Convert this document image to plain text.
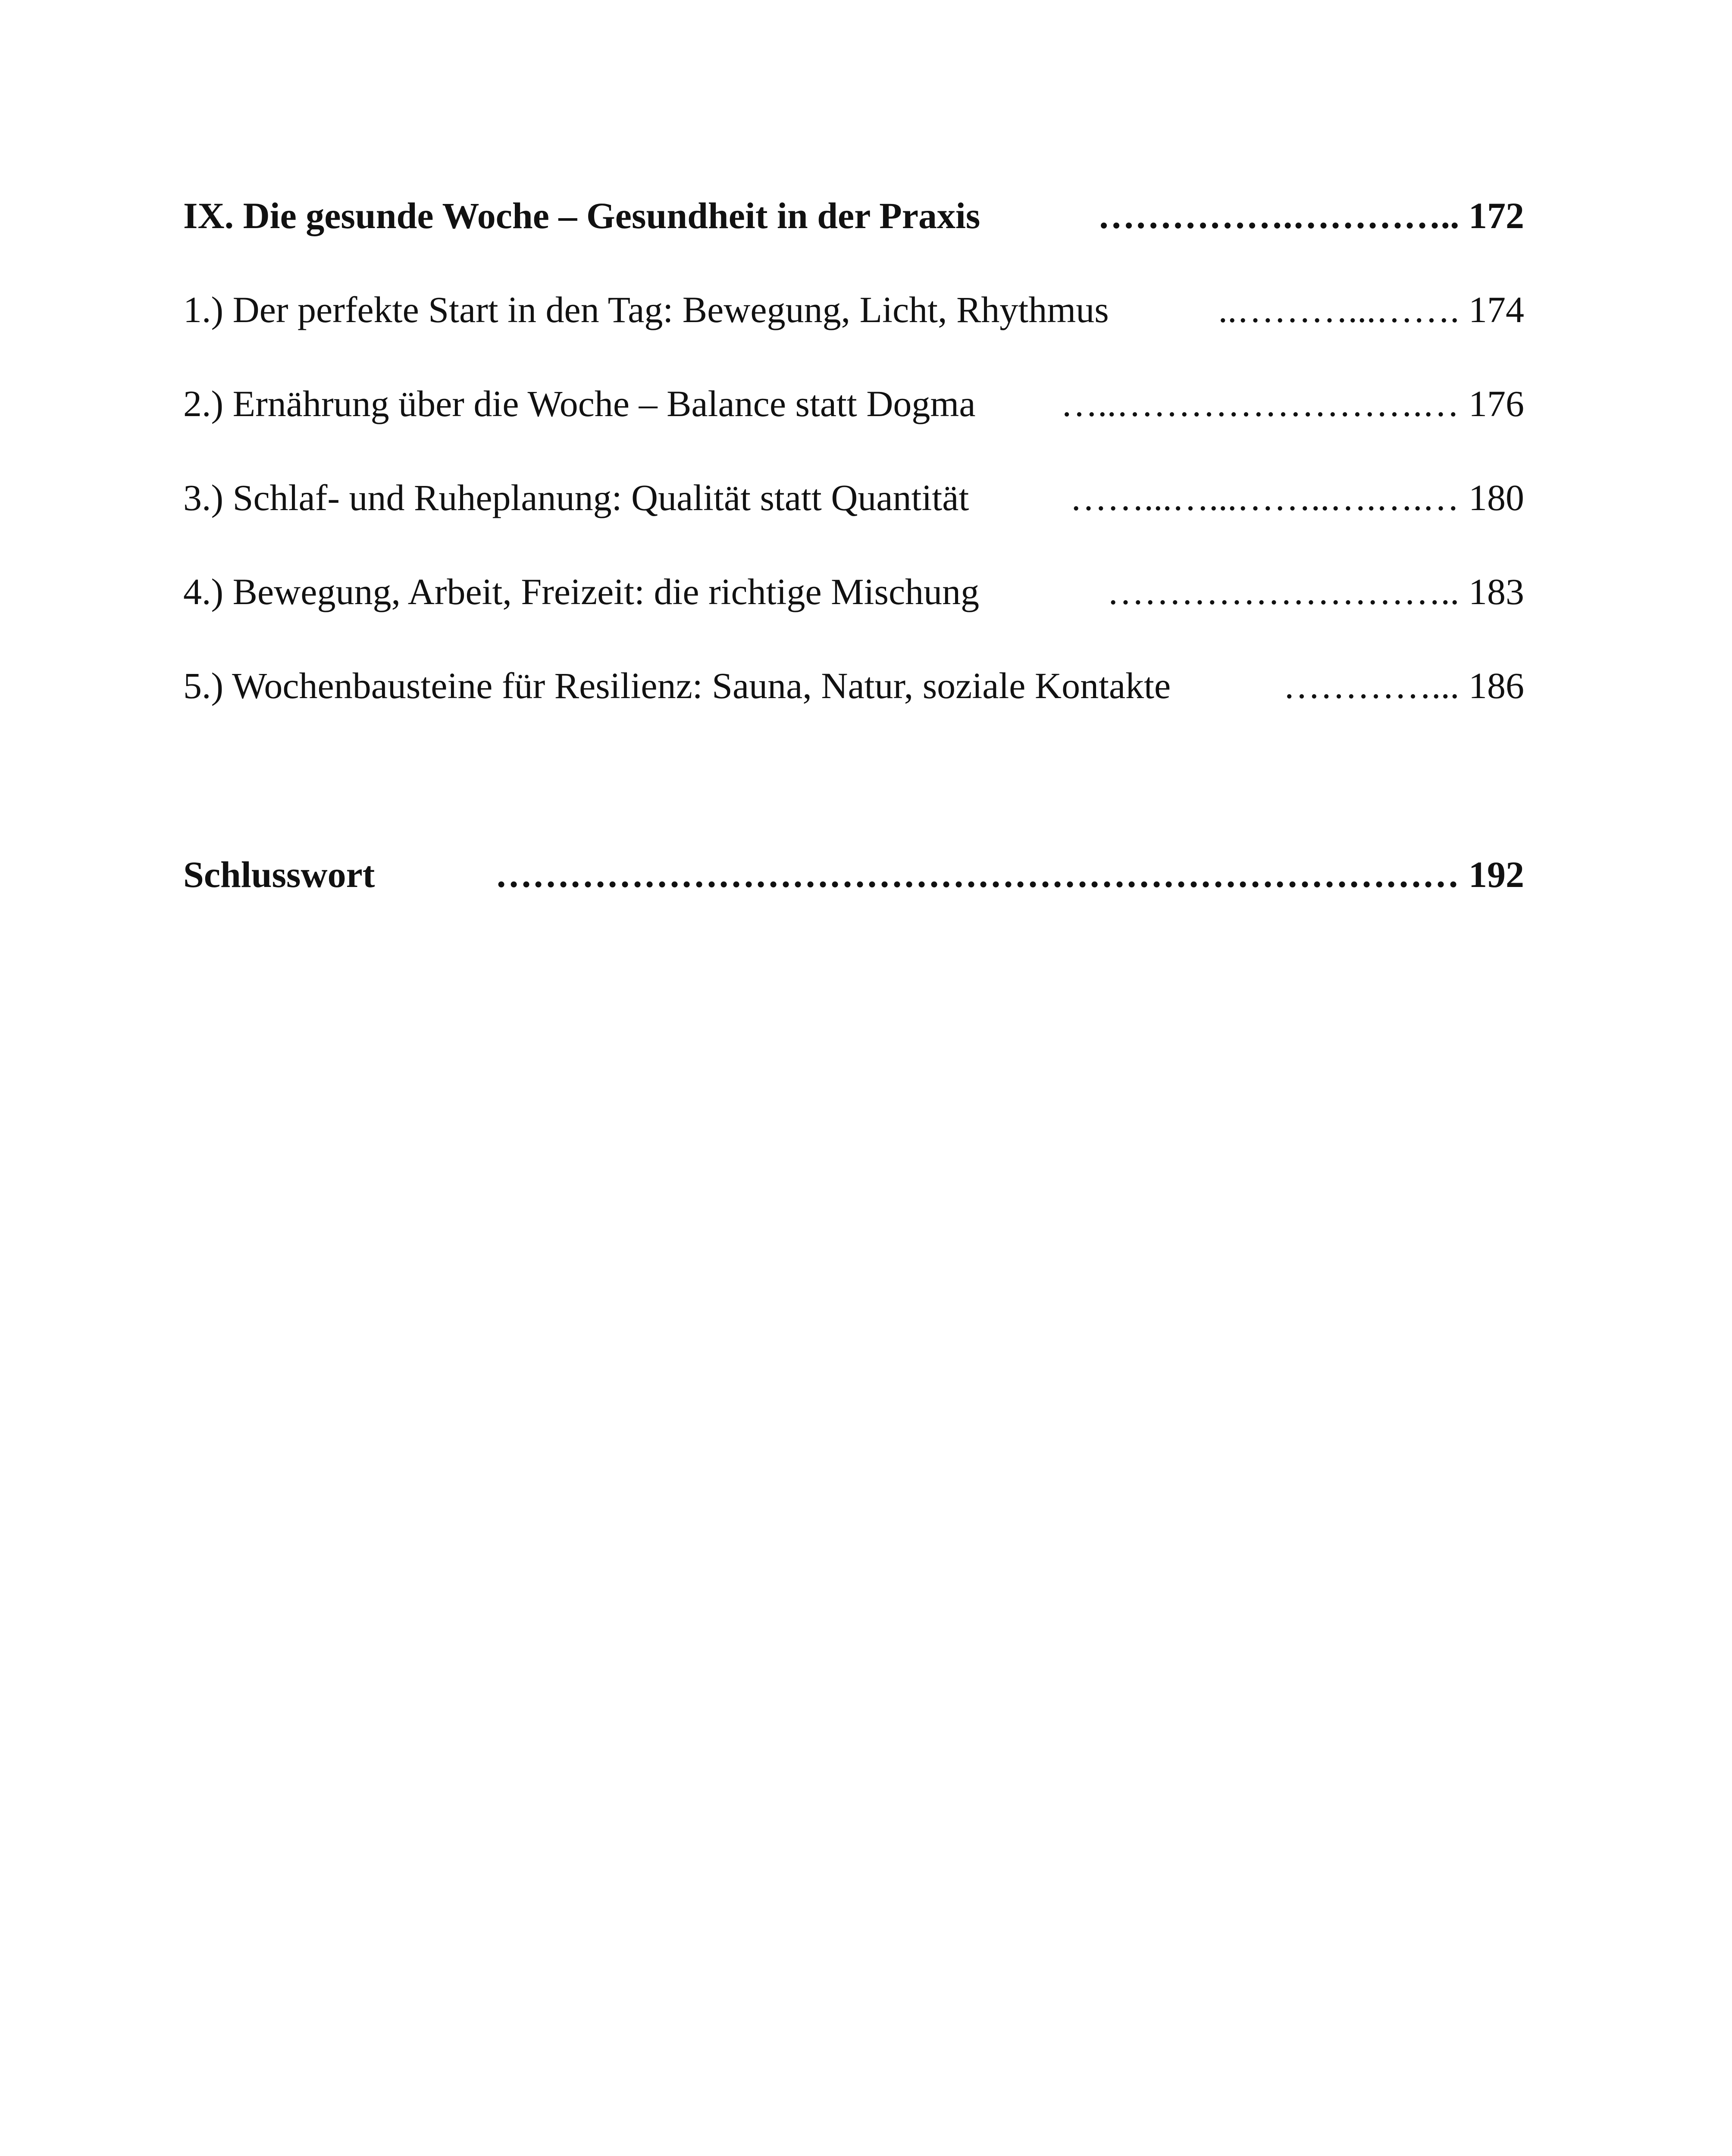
IX. Die gesunde Woche – Gesundheit in der Praxis	…………….………….. 172
1.) Der perfekte Start in den Tag: Bewegung, Licht, Rhythmus	..………...……. 174
2.) Ernährung über die Woche – Balance statt Dogma …..…………………….… 176
3.) Schlaf- und Ruheplanung: Qualität statt Quantität	……...…...……..….….… 180
4.) Bewegung, Arbeit, Freizeit: die richtige Mischung	……………………….. 183
5.) Wochenbausteine für Resilienz: Sauna, Natur, soziale Kontakte	…………... 186
Schlusswort	…………………………………………………………………… 192
